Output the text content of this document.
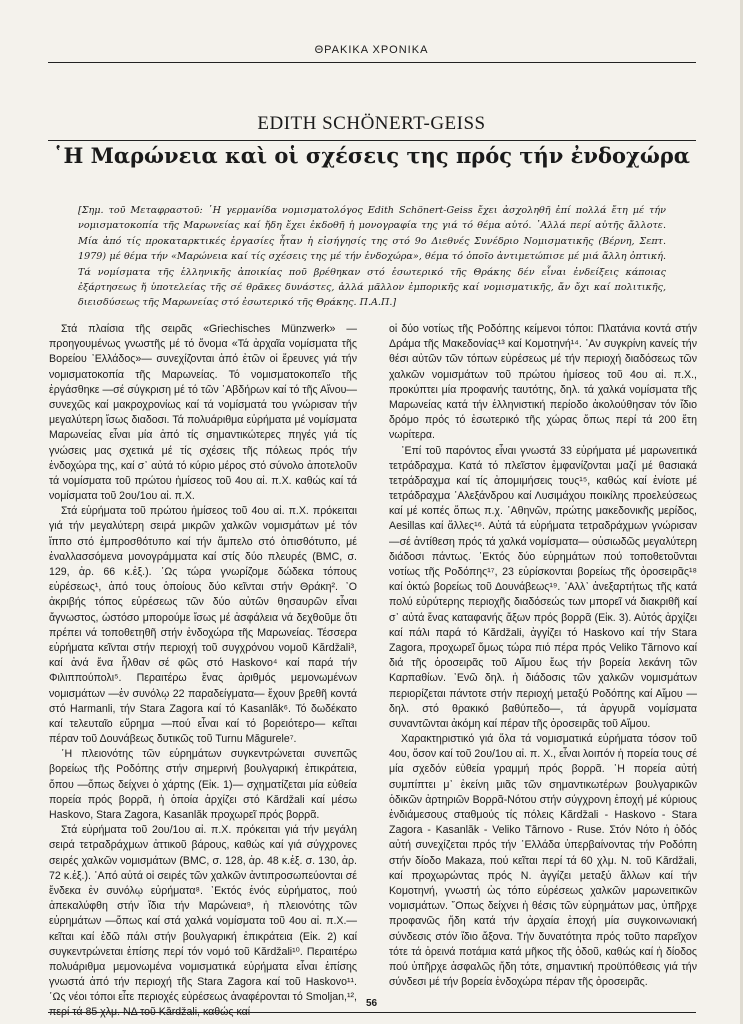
ΘΡΑΚΙΚΑ ΧΡΟΝΙΚΑ
EDITH SCHÖNERT-GEISS
῾Η Μαρώνεια καὶ οἱ σχέσεις της πρός τήν ἐνδοχώρα
[Σημ. τοῦ Μεταφραστοῦ: ῾Η γερμανίδα νομισματολόγος Edith Schönert-Geiss ἔχει ἀσχοληθῆ ἐπί πολλά ἔτη μέ τήν νομισματοκοπία τῆς Μαρωνείας καί ἤδη ἔχει ἐκδοθῆ ἡ μονογραφία της γιά τό θέμα αὐτό. ᾽Αλλά περί αὐτῆς ἄλλοτε. Μία ἀπό τίς προκαταρκτικές ἐργασίες ἦταν ἡ εἰσήγησίς της στό 9ο Διεθνές Συνέδριο Νομισματικῆς (Βέρνη, Σεπτ. 1979) μέ θέμα τήν «Μαρώνεια καί τίς σχέσεις της μέ τήν ἐνδοχώρα», θέμα τό ὁποῖο ἀντιμετώπισε μέ μιά ἄλλη ὀπτική. Τά νομίσματα τῆς ἑλληνικῆς ἀποικίας ποῦ βρέθηκαν στό ἐσωτερικό τῆς Θράκης δέν εἶναι ἐνδείξεις κάποιας ἐξάρτησεως ἤ ὑποτελείας τῆς σέ θρᾶκες δυνάστες, ἀλλά μᾶλλον ἐμπορικῆς καί νομισματικῆς, ἄν ὄχι καί πολιτικῆς, διεισδύσεως τῆς Μαρωνείας στό ἐσωτερικό τῆς Θράκης. Π.Α.Π.]

Στά πλαίσια τῆς σειρᾶς «Griechisches Münzwerk» —προηγουμένως γνωστῆς μέ τό ὄνομα «Τά ἀρχαῖα νομίσματα τῆς Βορείου ᾽Ελλάδος»— συνεχίζονται ἀπό ἐτῶν οἱ ἔρευνες γιά τήν νομισματοκοπία τῆς Μαρωνείας. Τό νομισματοκοπεῖο τῆς ἐργάσθηκε —σέ σύγκριση μέ τό τῶν ᾽Αβδήρων καί τό τῆς Αἴνου— συνεχῶς καί μακροχρονίως καί τά νομίσματά του γνώρισαν τήν μεγαλύτερη ἴσως διαδοσι. Τά πολυάριθμα εὑρήματα μέ νομίσματα Μαρωνείας εἶναι μία ἀπό τίς σημαντικώτερες πηγές γιά τίς γνώσεις μας σχετικά μέ τίς σχέσεις τῆς πόλεως πρός τήν ἐνδοχώρα της, καί σ᾽ αὐτά τό κύριο μέρος στό σύνολο ἀποτελοῦν τά νομίσματα τοῦ πρώτου ἡμίσεος τοῦ 4ου αἰ. π.Χ. καθώς καί τά νομίσματα τοῦ 2ου/1ου αἰ. π.Χ.

Στά εὑρήματα τοῦ πρώτου ἡμίσεος τοῦ 4ου αἰ. π.Χ. πρόκειται γιά τήν μεγαλύτερη σειρά μικρῶν χαλκῶν νομισμάτων μέ τόν ἵππο στό ἐμπροσθότυπο καί τήν ἄμπελο στό ὀπισθότυπο, μέ ἐναλλασσόμενα μονογράμματα καί στίς δύο πλευρές (BMC, σ. 129, ἀρ. 66 κ.ἑξ.). ῾Ως τώρα γνωρίζομε δώδεκα τόπους εὑρέσεως¹, ἀπό τους ὁποίους δύο κεῖνται στήν Θράκη². ᾽Ο ἀκριβής τόπος εὑρέσεως τῶν δύο αὐτῶν θησαυρῶν εἶναι ἄγνωστος, ὡστόσο μπορούμε ἴσως μέ ἀσφάλεια νά δεχθοῦμε ὅτι πρέπει νά τοποθετηθῆ στήν ἐνδοχώρα τῆς Μαρωνείας. Τέσσερα εὑρήματα κεῖνται στήν περιοχή τοῦ συγχρόνου νομοῦ Kărdžali³, καί ἀνά ἕνα ἦλθαν σέ φῶς στό Haskovo⁴ καί παρά τήν Φιλιππούπολι⁵. Περαιτέρω ἕνας ἀριθμός μεμονωμένων νομισμάτων —ἐν συνόλῳ 22 παραδείγματα— ἔχουν βρεθῆ κοντά στό Harmanli, τήν Stara Zagora καί τό Kasanlăk⁶. Τό δωδέκατο καί τελευταῖο εὕρημα —πού εἶναι καί τό βορειότερο— κεῖται πέραν τοῦ Δουνάβεως δυτικῶς τοῦ Turnu Măgurele⁷.

῾Η πλειονότης τῶν εὑρημάτων συγκεντρώνεται συνεπῶς βορείως τῆς Ροδόπης στήν σημερινή βουλγαρική ἐπικράτεια, ὅπου —ὅπως δείχνει ὁ χάρτης (Εἰκ. 1)— σχηματίζεται μία εὐθεία πορεία πρός βορρᾶ, ἡ ὁποία ἀρχίζει στό Kărdžali καί μέσω Haskovo, Stara Zagora, Kasanlăk προχωρεῖ πρός βορρᾶ.

Στά εὑρήματα τοῦ 2ου/1ου αἰ. π.Χ. πρόκειται γιά τήν μεγάλη σειρά τετραδράχμων ἀττικοῦ βάρους, καθώς καί γιά σύγχρονες σειρές χαλκῶν νομισμάτων (BMC, σ. 128, ἀρ. 48 κ.ἑξ. σ. 130, ἀρ. 72 κ.ἑξ.). ᾽Από αὐτά οἱ σειρές τῶν χαλκῶν ἀντιπροσωπεύονται σέ ἕνδεκα ἐν συνόλῳ εὑρήματα⁸. ᾽Εκτός ἑνός εὑρήματος, πού ἀπεκαλύφθη στήν ἴδια τήν Μαρώνεια⁹, ἡ πλειονότης τῶν εὑρημάτων —ὅπως καί στά χαλκά νομίσματα τοῦ 4ου αἰ. π.Χ.— κεῖται καί ἐδῶ πάλι στήν βουλγαρική ἐπικράτεια (Εἰκ. 2) καί συγκεντρώνεται ἐπίσης περί τόν νομό τοῦ Kărdžali¹⁰. Περαιτέρω πολυάριθμα μεμονωμένα νομισματικά εὑρήματα εἶναι ἐπίσης γνωστά ἀπό τήν περιοχή τῆς Stara Zagora καί τοῦ Haskovo¹¹. ῾Ως νέοι τόποι εἶτε περιοχές εὑρέσεως ἀναφέρονται τό Smoljan,¹², περί τά 85 χλμ. ΝΔ τοῦ Kărdžali, καθώς καί

οἱ δύο νοτίως τῆς Ροδόπης κείμενοι τόποι: Πλατάνια κοντά στήν Δράμα τῆς Μακεδονίας¹³ καί Κομοτηνή¹⁴. ᾽Αν συγκρίνη κανείς τήν θέσι αὐτῶν τῶν τόπων εὑρέσεως μέ τήν περιοχή διαδόσεως τῶν χαλκῶν νομισμάτων τοῦ πρώτου ἡμίσεος τοῦ 4ου αἰ. π.Χ., προκύπτει μία προφανής ταυτότης, δηλ. τά χαλκά νομίσματα τῆς Μαρωνείας κατά τήν ἑλληνιστική περίοδο ἀκολούθησαν τόν ἴδιο δρόμο πρός τό ἐσωτερικό τῆς χώρας ὅπως περί τά 200 ἔτη νωρίτερα.

᾽Επί τοῦ παρόντος εἶναι γνωστά 33 εὑρήματα μέ μαρωνειτικά τετράδραχμα. Κατά τό πλεῖστον ἐμφανίζονται μαζί μέ θασιακά τετράδραχμα καί τίς ἀπομιμήσεις τους¹⁵, καθώς καί ἐνίοτε μέ τετράδραχμα ᾽Αλεξάνδρου καί Λυσιμάχου ποικίλης προελεύσεως καί μέ κοπές ὅπως π.χ. ᾽Αθηνῶν, πρώτης μακεδονικῆς μερίδος, Aesillas καί ἄλλες¹⁶. Αὐτά τά εὑρήματα τετραδράχμων γνώρισαν —σέ ἀντίθεση πρός τά χαλκά νομίσματα— οὐσιωδῶς μεγαλύτερη διάδοσι πάντως. ᾽Εκτός δύο εὑρημάτων πού τοποθετοῦνται νοτίως τῆς Ροδόπης¹⁷, 23 εὑρίσκονται βορείως τῆς ὀροσειρᾶς¹⁸ καί ὀκτώ βορείως τοῦ Δουνάβεως¹⁹. ᾽Αλλ᾽ ἀνεξαρτήτως τῆς κατά πολύ εὐρύτερης περιοχῆς διαδόσεώς των μπορεῖ νά διακριθῆ καί σ᾽ αὐτά ἕνας καταφανής ἄξων πρός βορρᾶ (Εἰκ. 3). Αὐτός ἀρχίζει καί πάλι παρά τό Kărdžali, ἀγγίζει τό Haskovo καί τήν Stara Zagora, προχωρεῖ ὅμως τώρα πιό πέρα πρός Veliko Tărnovo καί διά τῆς ὀροσειρᾶς τοῦ Αἵμου ἕως τήν βορεία λεκάνη τῶν Καρπαθίων. ᾽Ενῶ δηλ. ἡ διάδοσις τῶν χαλκῶν νομισμάτων περιορίζεται πάντοτε στήν περιοχή μεταξύ Ροδόπης καί Αἵμου —δηλ. στό θρακικό βαθύπεδο—, τά ἀργυρᾶ νομίσματα συναντῶνται ἀκόμη καί πέραν τῆς ὀροσειρᾶς τοῦ Αἵμου.

Χαρακτηριστικό γιά ὅλα τά νομισματικά εὑρήματα τόσον τοῦ 4ου, ὅσον καί τοῦ 2ου/1ου αἰ. π. Χ., εἶναι λοιπόν ἡ πορεία τους σέ μία σχεδόν εὐθεία γραμμή πρός βορρᾶ. ῾Η πορεία αὐτή συμπίπτει μ᾽ ἐκείνη μιᾶς τῶν σημαντικωτέρων βουλγαρικῶν ὁδικῶν ἀρτηριῶν Βορρᾶ-Νότου στήν σύγχρονη ἐποχή μέ κύριους ἐνδιάμεσους σταθμούς τίς πόλεις Kărdžali - Haskovo - Stara Zagora - Kasanlăk - Veliko Tărnovo - Ruse. Στόν Νότο ἡ ὁδός αὐτή συνεχίζεται πρός τήν ᾽Ελλάδα ὑπερβαίνοντας τήν Ροδόπη στήν δίοδο Makaza, πού κεῖται περί τά 60 χλμ. Ν. τοῦ Kărdžali, καί προχωρώντας πρός Ν. ἀγγίζει μεταξύ ἄλλων καί τήν Κομοτηνή, γνωστή ὡς τόπο εὑρέσεως χαλκῶν μαρωνειτικῶν νομισμάτων. ῞Οπως δείχνει ἡ θέσις τῶν εὑρημάτων μας, ὑπῆρχε προφανῶς ἤδη κατά τήν ἀρχαία ἐποχή μία συγκοινωνιακή σύνδεσις στόν ἴδιο ἄξονα. Τήν δυνατότητα πρός τοῦτο παρεῖχον τότε τά ὀρεινά ποτάμια κατά μῆκος τῆς ὁδοῦ, καθώς καί ἡ δίοδος πού ὑπῆρχε ἀσφαλῶς ἤδη τότε, σημαντική προϋπόθεσις γιά τήν σύνδεσι μέ τήν βορεία ἐνδοχώρα πέραν τῆς ὀροσειρᾶς.

56
